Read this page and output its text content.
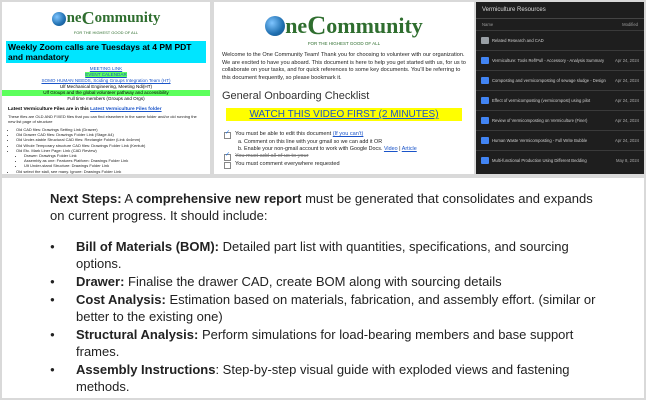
ne C ommunity
FOR THE HIGHEST GOOD OF ALL
Weekly Zoom calls are Tuesdays at 4 PM PDT and mandatory
MEETING LINK
EVENT CALENDAR
SOMO HUMAN NEEDS, Sciding Groups Integration Team (HT)
Ulf Mechanical Engineering, Meeting Ndi(HT)
Ulf Groups and the global volunteer pathway and accessibility
Full time members (Groups and Orgs)
Latest Vermiculture Files are in this Latest Vermiculture Files folder
These files are OLD AND FIXED files that you can find elsewhere in the same folder and/or old running the new list page of structure
• Old CAD files: Drawings Setting Link (Drawer)
• Old Drawer CAD files: Drawings Folder Link (Stage A4)
• Old Under-stable Structural CAD files: Rectangle Folder (Link 4x4mm)
• Old Whole Temporary structure CAD files: Drawings Folder Link (Kentub)
• Old Etc. Mark Liner Page: Link (CAD Review)
• Drawer: Drawings Folder Link
• Assembly as one: Features Platform: Drawings Folder Link
• Ult Under-stand Structure: Drawings Folder Link
• Old select the stall, see many. Ignore: Drawings Folder Link
ne C ommunity
FOR THE HIGHEST GOOD OF ALL
Welcome to the One Community Team! Thank you for choosing to volunteer with our organization. We are excited to have you aboard. This document is here to help you get started with us, for us to collaborate on your tasks, and for quick references to some key documents. You'll be referring to this document frequently, so please bookmark it.
General Onboarding Checklist
WATCH THIS VIDEO FIRST (2 MINUTES)
✓
You must be able to edit this document (If you can't)
a. Comment on this line with your gmail so we can add it OR
b. Enable your non-gmail account to work with Google Docs. Video | Article
✓
You must add all of us to your
You must comment everywhere requested
Vermiculture Resources
Name	Modified
Related Research and CAD
Vermiculture: Tools Ref/Pull - Accessory - Analysis Summary	Apr 24, 2024
Composting and vermicomposting of sewage sludge - Design	Apr 24, 2024
Effect of vermicomposting (vermicompost) using pilot	Apr 24, 2024
Review of Vermicomposting on Vermiculture (Finer)	Apr 24, 2024
Human Waste Vermicomposting - Full Write Bubble	Apr 24, 2024
Multi-functional Production Using Different Bedding	May 8, 2024
Next Steps: A comprehensive new report must be generated that consolidates and expands on current progress. It should include:
● Bill of Materials (BOM): Detailed part list with quantities, specifications, and sourcing options.
● Drawer: Finalise the drawer CAD, create BOM along with sourcing details
● Cost Analysis: Estimation based on materials, fabrication, and assembly effort. (similar or better to the existing one)
● Structural Analysis: Perform simulations for load-bearing members and base support frames.
● Assembly Instructions: Step-by-step visual guide with exploded views and fastening methods.
